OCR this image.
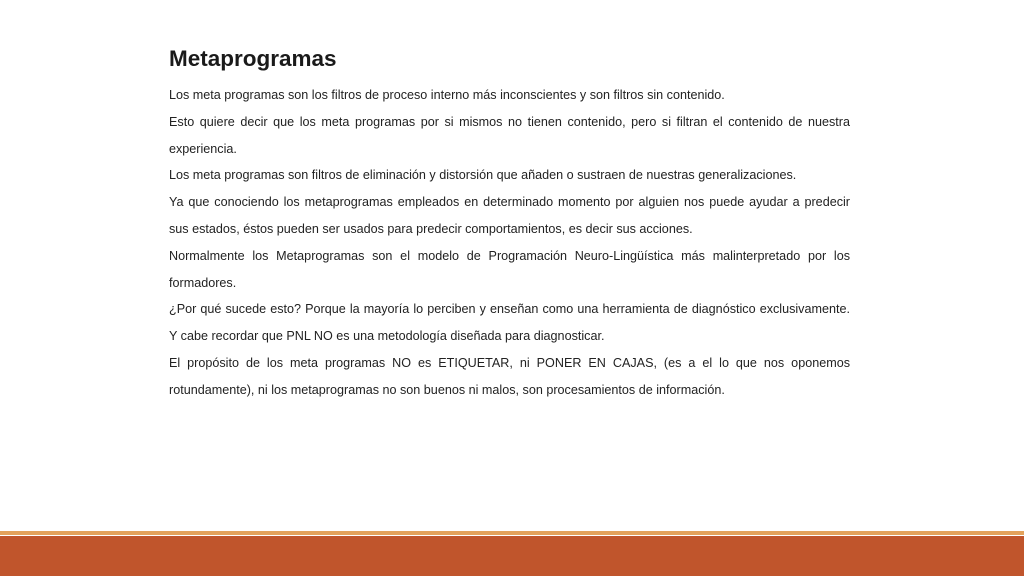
Metaprogramas

Los meta programas son los filtros de proceso interno más inconscientes y son filtros sin contenido.

Esto quiere decir que los meta programas por si mismos no tienen contenido, pero si filtran el contenido de nuestra experiencia.

Los meta programas son filtros de eliminación y distorsión que añaden o sustraen de nuestras generalizaciones.

Ya que conociendo los metaprogramas empleados en determinado momento por alguien nos puede ayudar a predecir sus estados, éstos pueden ser usados para predecir comportamientos, es decir sus acciones.

Normalmente los Metaprogramas son el modelo de Programación Neuro-Lingüística más malinterpretado por los formadores.

¿Por qué sucede esto? Porque la mayoría lo perciben y enseñan como una herramienta de diagnóstico exclusivamente. Y cabe recordar que PNL NO es una metodología diseñada para diagnosticar.

El propósito de los meta programas NO es ETIQUETAR, ni PONER EN CAJAS, (es a el lo que nos oponemos rotundamente), ni los metaprogramas no son buenos ni malos, son procesamientos de información.
